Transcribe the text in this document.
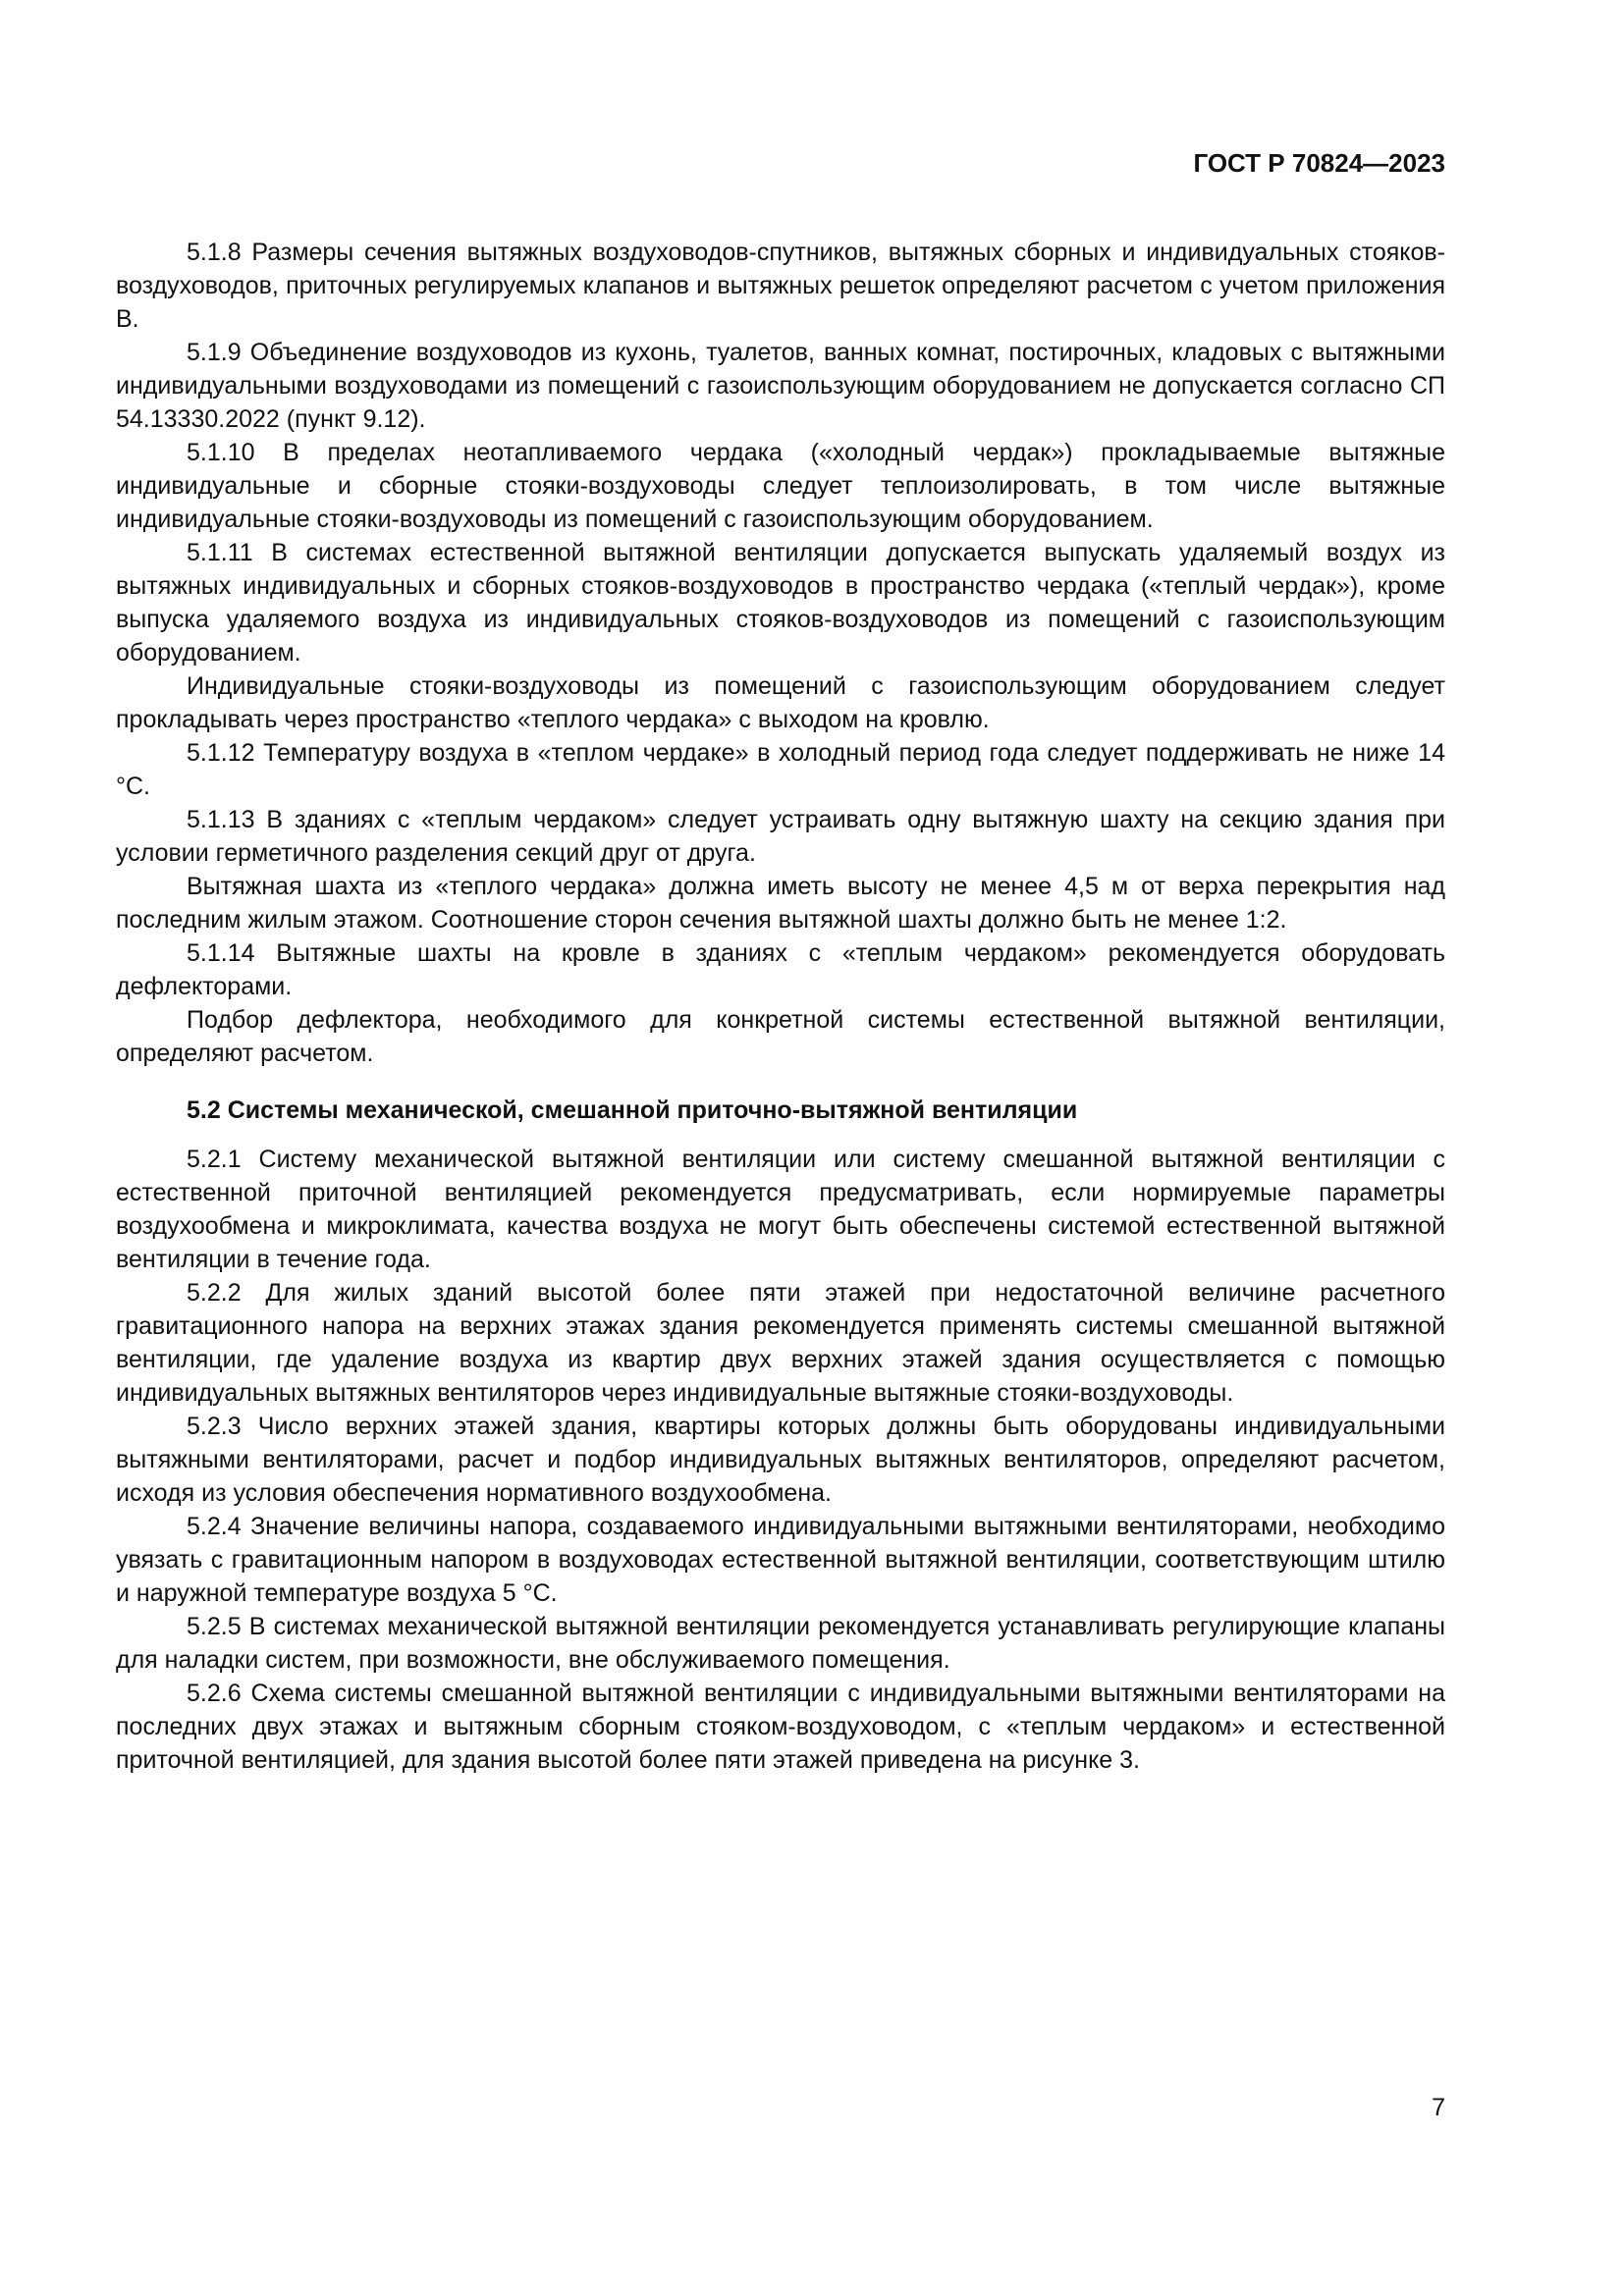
ГОСТ Р 70824—2023

5.1.8 Размеры сечения вытяжных воздуховодов-спутников, вытяжных сборных и индивидуальных стояков-воздуховодов, приточных регулируемых клапанов и вытяжных решеток определяют расчетом с учетом приложения В.

5.1.9 Объединение воздуховодов из кухонь, туалетов, ванных комнат, постирочных, кладовых с вытяжными индивидуальными воздуховодами из помещений с газоиспользующим оборудованием не допускается согласно СП 54.13330.2022 (пункт 9.12).

5.1.10 В пределах неотапливаемого чердака («холодный чердак») прокладываемые вытяжные индивидуальные и сборные стояки-воздуховоды следует теплоизолировать, в том числе вытяжные индивидуальные стояки-воздуховоды из помещений с газоиспользующим оборудованием.

5.1.11 В системах естественной вытяжной вентиляции допускается выпускать удаляемый воздух из вытяжных индивидуальных и сборных стояков-воздуховодов в пространство чердака («теплый чердак»), кроме выпуска удаляемого воздуха из индивидуальных стояков-воздуховодов из помещений с газоиспользующим оборудованием.

Индивидуальные стояки-воздуховоды из помещений с газоиспользующим оборудованием следует прокладывать через пространство «теплого чердака» с выходом на кровлю.

5.1.12 Температуру воздуха в «теплом чердаке» в холодный период года следует поддерживать не ниже 14 °С.

5.1.13 В зданиях с «теплым чердаком» следует устраивать одну вытяжную шахту на секцию здания при условии герметичного разделения секций друг от друга.

Вытяжная шахта из «теплого чердака» должна иметь высоту не менее 4,5 м от верха перекрытия над последним жилым этажом. Соотношение сторон сечения вытяжной шахты должно быть не менее 1:2.

5.1.14 Вытяжные шахты на кровле в зданиях с «теплым чердаком» рекомендуется оборудовать дефлекторами.

Подбор дефлектора, необходимого для конкретной системы естественной вытяжной вентиляции, определяют расчетом.

5.2 Системы механической, смешанной приточно-вытяжной вентиляции

5.2.1 Систему механической вытяжной вентиляции или систему смешанной вытяжной вентиляции с естественной приточной вентиляцией рекомендуется предусматривать, если нормируемые параметры воздухообмена и микроклимата, качества воздуха не могут быть обеспечены системой естественной вытяжной вентиляции в течение года.

5.2.2 Для жилых зданий высотой более пяти этажей при недостаточной величине расчетного гравитационного напора на верхних этажах здания рекомендуется применять системы смешанной вытяжной вентиляции, где удаление воздуха из квартир двух верхних этажей здания осуществляется с помощью индивидуальных вытяжных вентиляторов через индивидуальные вытяжные стояки-воздуховоды.

5.2.3 Число верхних этажей здания, квартиры которых должны быть оборудованы индивидуальными вытяжными вентиляторами, расчет и подбор индивидуальных вытяжных вентиляторов, определяют расчетом, исходя из условия обеспечения нормативного воздухообмена.

5.2.4 Значение величины напора, создаваемого индивидуальными вытяжными вентиляторами, необходимо увязать с гравитационным напором в воздуховодах естественной вытяжной вентиляции, соответствующим штилю и наружной температуре воздуха 5 °С.

5.2.5 В системах механической вытяжной вентиляции рекомендуется устанавливать регулирующие клапаны для наладки систем, при возможности, вне обслуживаемого помещения.

5.2.6 Схема системы смешанной вытяжной вентиляции с индивидуальными вытяжными вентиляторами на последних двух этажах и вытяжным сборным стояком-воздуховодом, с «теплым чердаком» и естественной приточной вентиляцией, для здания высотой более пяти этажей приведена на рисунке 3.

7
